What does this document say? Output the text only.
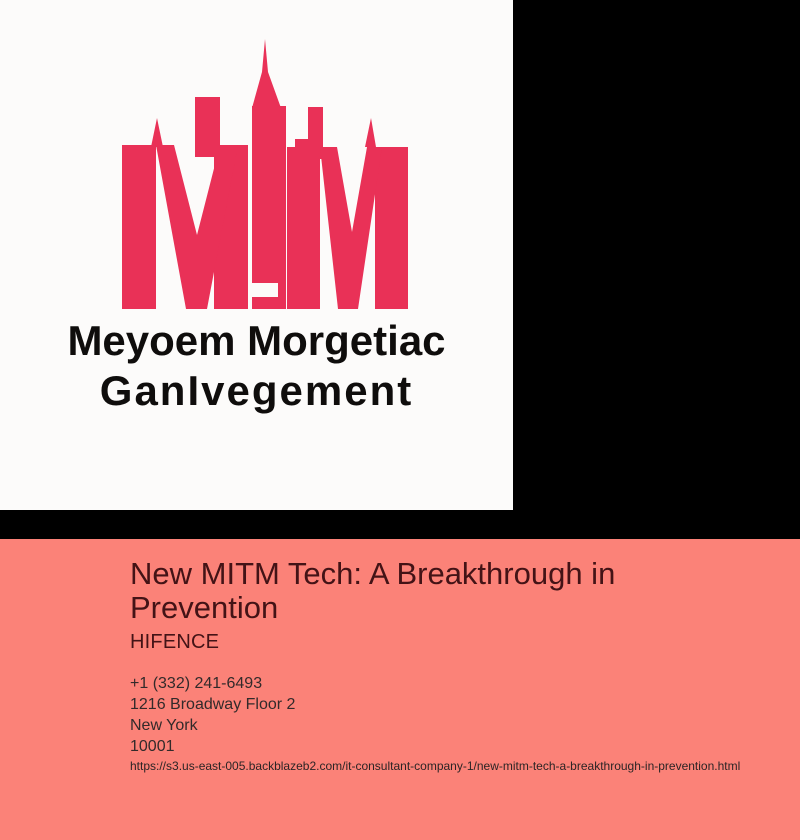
Meyoem Morgetiac
GanIvegement
New MITM Tech: A Breakthrough in Prevention
HIFENCE
+1 (332) 241-6493
1216 Broadway Floor 2
New York
10001
https://s3.us-east-005.backblazeb2.com/it-consultant-company-1/new-mitm-tech-a-breakthrough-in-prevention.html
